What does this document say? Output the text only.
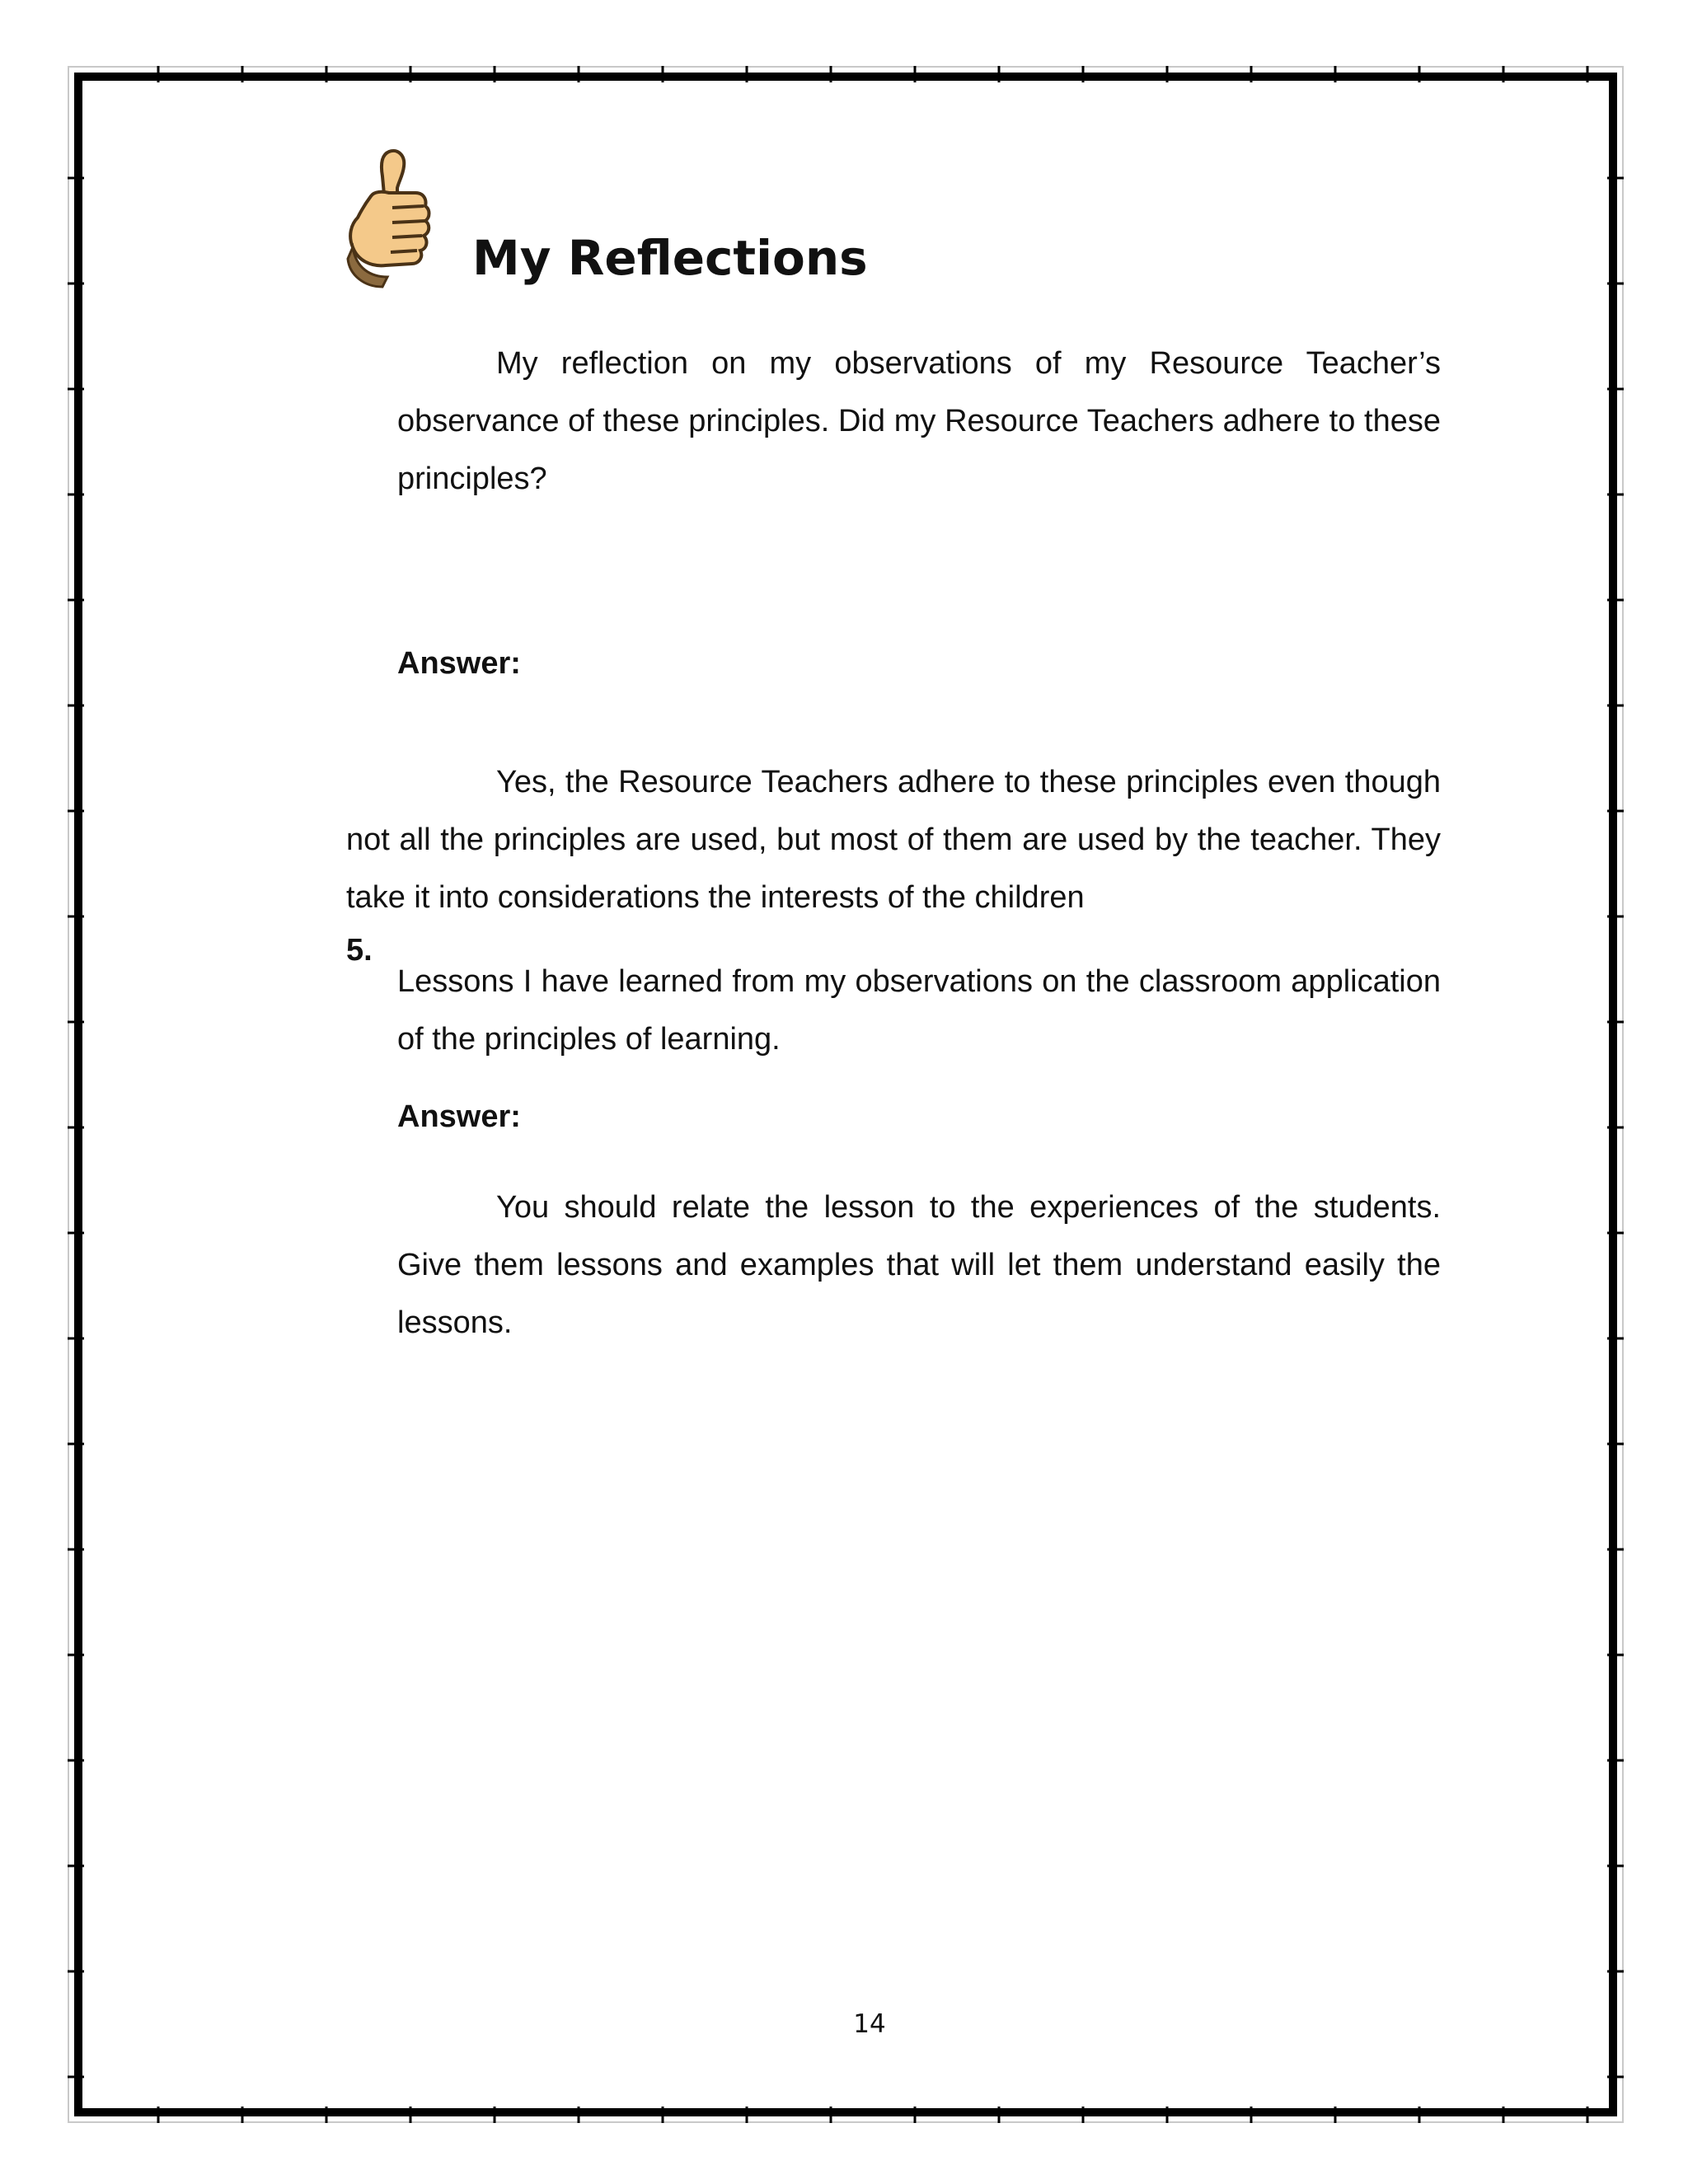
My Reflections

My reflection on my observations of my Resource Teacher’s observance of these principles. Did my Resource Teachers adhere to these principles?

Answer:

Yes, the Resource Teachers adhere to these principles even though not all the principles are used, but most of them are used by the teacher. They take it into considerations the interests of the children

5.

Lessons I have learned from my observations on the classroom application of the principles of learning.

Answer:

You should relate the lesson to the experiences of the students. Give them lessons and examples that will let them understand easily the lessons.

14
